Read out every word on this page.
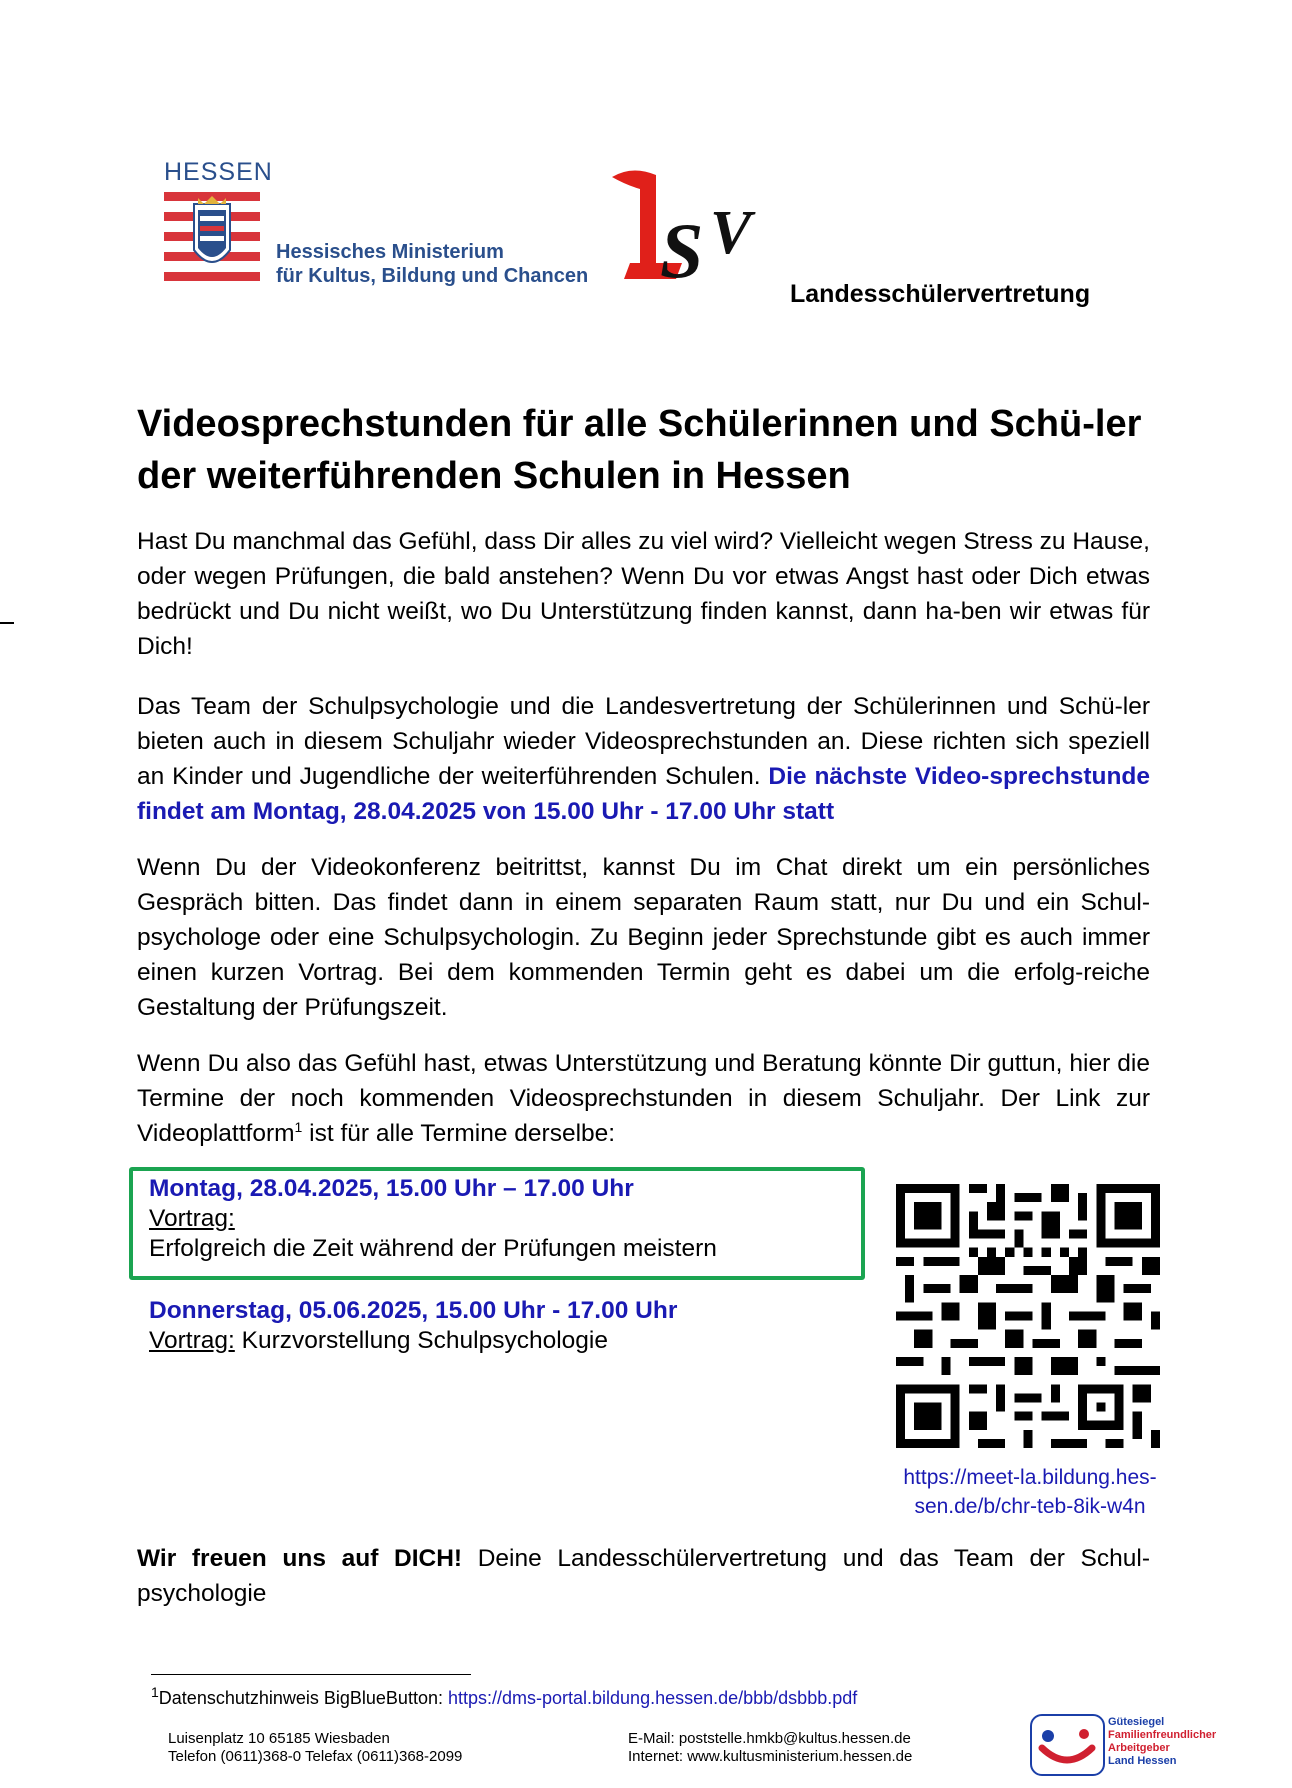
HESSEN
Hessisches Ministerium
für Kultus, Bildung und Chancen S V
Landesschülervertretung
Videosprechstunden für alle Schülerinnen und Schü-ler der weiterführenden Schulen in Hessen
Hast Du manchmal das Gefühl, dass Dir alles zu viel wird? Vielleicht wegen Stress zu Hause, oder wegen Prüfungen, die bald anstehen? Wenn Du vor etwas Angst hast oder Dich etwas bedrückt und Du nicht weißt, wo Du Unterstützung finden kannst, dann ha-ben wir etwas für Dich!
Das Team der Schulpsychologie und die Landesvertretung der Schülerinnen und Schü-ler bieten auch in diesem Schuljahr wieder Videosprechstunden an. Diese richten sich speziell an Kinder und Jugendliche der weiterführenden Schulen. Die nächste Video-sprechstunde findet am Montag, 28.04.2025 von 15.00 Uhr - 17.00 Uhr statt
Wenn Du der Videokonferenz beitrittst, kannst Du im Chat direkt um ein persönliches Gespräch bitten. Das findet dann in einem separaten Raum statt, nur Du und ein Schul-psychologe oder eine Schulpsychologin. Zu Beginn jeder Sprechstunde gibt es auch immer einen kurzen Vortrag. Bei dem kommenden Termin geht es dabei um die erfolg-reiche Gestaltung der Prüfungszeit.
Wenn Du also das Gefühl hast, etwas Unterstützung und Beratung könnte Dir guttun, hier die Termine der noch kommenden Videosprechstunden in diesem Schuljahr. Der Link zur Videoplattform$^1$ ist für alle Termine derselbe:
Montag, 28.04.2025, 15.00 Uhr – 17.00 Uhr
Vortrag:
Erfolgreich die Zeit während der Prüfungen meistern
Donnerstag, 05.06.2025, 15.00 Uhr - 17.00 Uhr
Vortrag: Kurzvorstellung Schulpsychologie
https://meet-la.bildung.hes-
sen.de/b/chr-teb-8ik-w4n
Wir freuen uns auf DICH! Deine Landesschülervertretung und das Team der Schul-psychologie
$^1$Datenschutzhinweis BigBlueButton: https://dms-portal.bildung.hessen.de/bbb/dsbbb.pdf
Luisenplatz 10 65185 Wiesbaden
Telefon (0611)368-0 Telefax (0611)368-2099
E-Mail: poststelle.hmkb@kultus.hessen.de
Internet: www.kultusministerium.hessen.de
Gütesiegel
Familienfreundlicher
Arbeitgeber
Land Hessen
